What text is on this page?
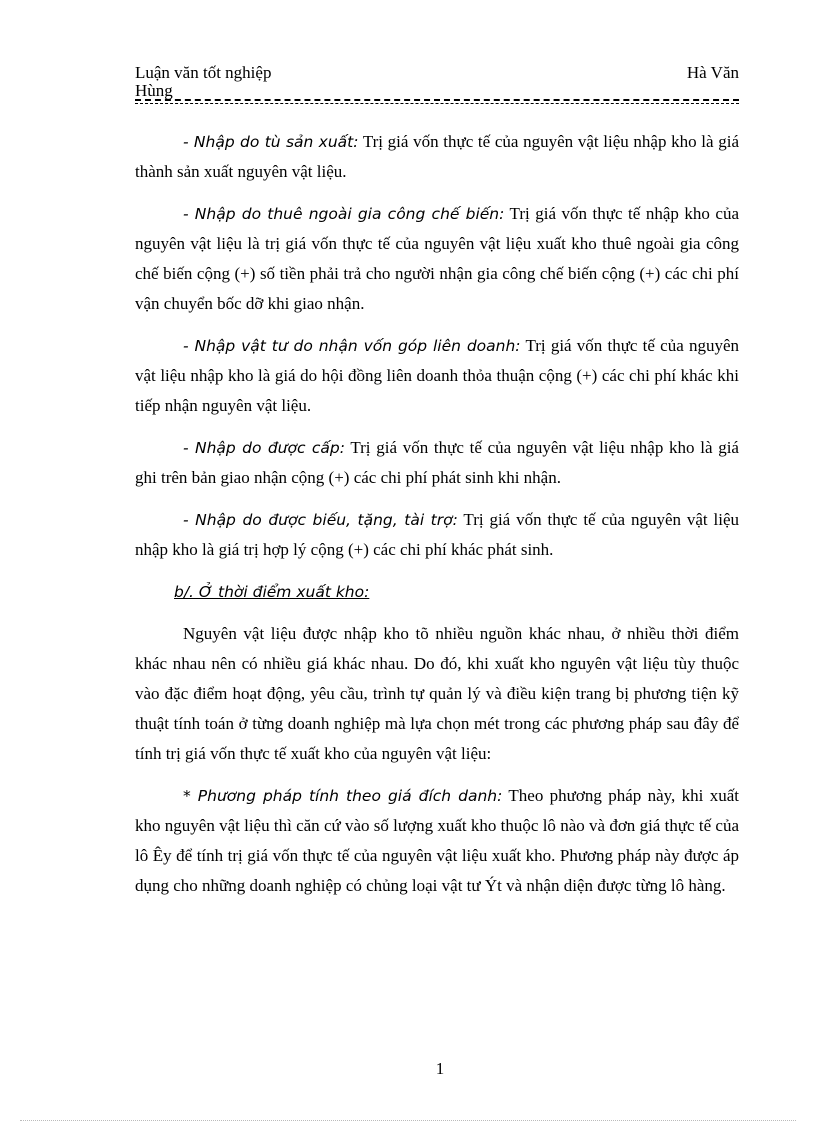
Luận văn tốt nghiệp	Hà Văn
Hùng

- Nhập do tù sản xuất: Trị giá vốn thực tế của nguyên vật liệu nhập kho là giá thành sản xuất nguyên vật liệu.

- Nhập do thuê ngoài gia công chế biến: Trị giá vốn thực tế nhập kho của nguyên vật liệu là trị giá vốn thực tế của nguyên vật liệu xuất kho thuê ngoài gia công chế biến cộng (+) số tiền phải trả cho người nhận gia công chế biến cộng (+) các chi phí vận chuyển bốc dỡ khi giao nhận.

- Nhập vật tư do nhận vốn góp liên doanh: Trị giá vốn thực tế của nguyên vật liệu nhập kho là giá do hội đồng liên doanh thỏa thuận cộng (+) các chi phí khác khi tiếp nhận nguyên vật liệu.

- Nhập do được cấp: Trị giá vốn thực tế của nguyên vật liệu nhập kho là giá ghi trên bản giao nhận cộng (+) các chi phí phát sinh khi nhận.

- Nhập do được biếu, tặng, tài trợ: Trị giá vốn thực tế của nguyên vật liệu nhập kho là giá trị hợp lý cộng (+) các chi phí khác phát sinh.

b/. Ở thời điểm xuất kho:

Nguyên vật liệu được nhập kho tõ nhiều nguồn khác nhau, ở nhiều thời điểm khác nhau nên có nhiều giá khác nhau. Do đó, khi xuất kho nguyên vật liệu tùy thuộc vào đặc điểm hoạt động, yêu cầu, trình tự quản lý và điều kiện trang bị phương tiện kỹ thuật tính toán ở từng doanh nghiệp mà lựa chọn mét trong các phương pháp sau đây để tính trị giá vốn thực tế xuất kho của nguyên vật liệu:

* Phương pháp tính theo giá đích danh: Theo phương pháp này, khi xuất kho nguyên vật liệu thì căn cứ vào số lượng xuất kho thuộc lô nào và đơn giá thực tế của lô Êy để tính trị giá vốn thực tế của nguyên vật liệu xuất kho. Phương pháp này được áp dụng cho những doanh nghiệp có chủng loại vật tư Ýt và nhận diện được từng lô hàng.

1
